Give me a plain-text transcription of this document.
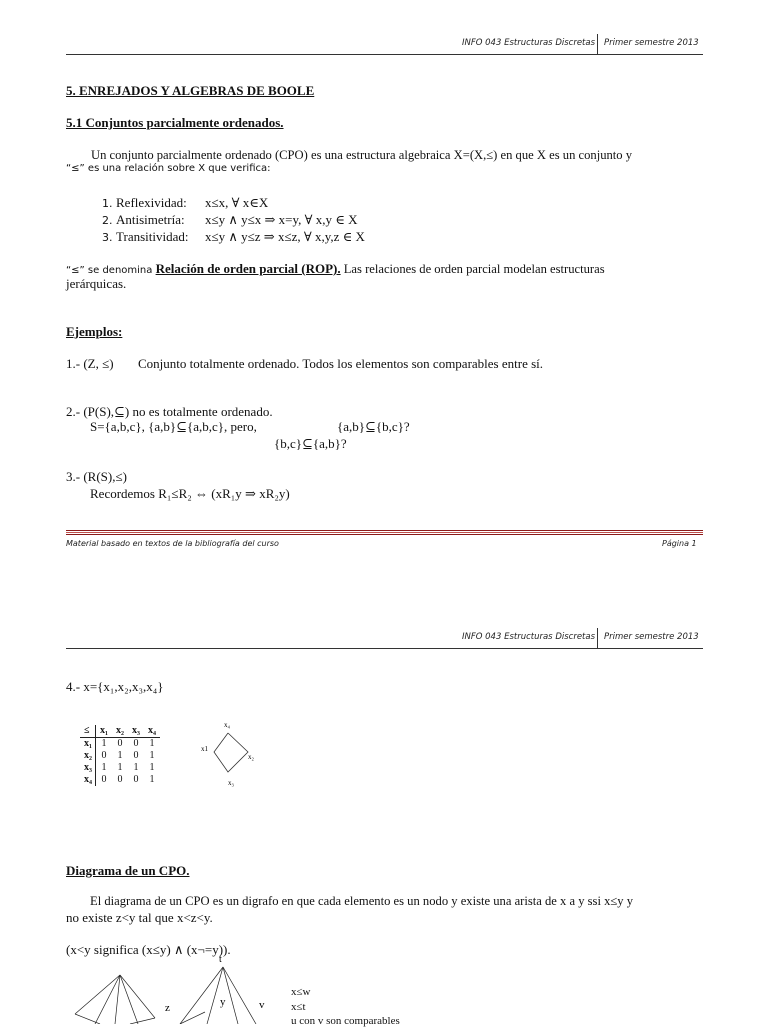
INFO 043 Estructuras Discretas Primer semestre 2013
5. ENREJADOS Y ALGEBRAS DE BOOLE
5.1 Conjuntos parcialmente ordenados.
Un conjunto parcialmente ordenado (CPO) es una estructura algebraica X=(X,≤) en que X es un conjunto y
“≤” es una relación sobre X que verifica:
1. Reflexividad: x≤x, ∀ x∈X
2. Antisimetría: x≤y ∧ y≤x ⇒ x=y, ∀ x,y ∈ X
3. Transitividad: x≤y ∧ y≤z ⇒ x≤z, ∀ x,y,z ∈ X
“≤” se denomina Relación de orden parcial (ROP). Las relaciones de orden parcial modelan estructuras
jerárquicas.
Ejemplos:
1.- (Z, ≤) Conjunto totalmente ordenado. Todos los elementos son comparables entre sí.
2.- (P(S),⊆) no es totalmente ordenado.
S={a,b,c}, {a,b}⊆{a,b,c}, pero,	{a,b}⊆{b,c}?
{b,c}⊆{a,b}?
3.- (R(S),≤)
Recordemos R₁≤R₂ ⇔ (xR₁y ⇒ xR₂y)
Material basado en textos de la bibliografía del curso	Página 1
INFO 043 Estructuras Discretas Primer semestre 2013
4.- x={x₁,x₂,x₃,x₄}
≤	x₁	x₂	x₃	x₄
x₁	1	0	0	1
x₂	0	1	0	1
x₃	1	1	1	1
x₄	0	0	0	1
x₄
x1
x₂
x₃
Diagrama de un CPO.
El diagrama de un CPO es un digrafo en que cada elemento es un nodo y existe una arista de x a y ssi x≤y y
no existe z<y tal que x<z<y.
(x<y significa (x≤y) ∧ (x¬=y)).
t
z	y	v
x≤w
x≤t
u con v son comparables
